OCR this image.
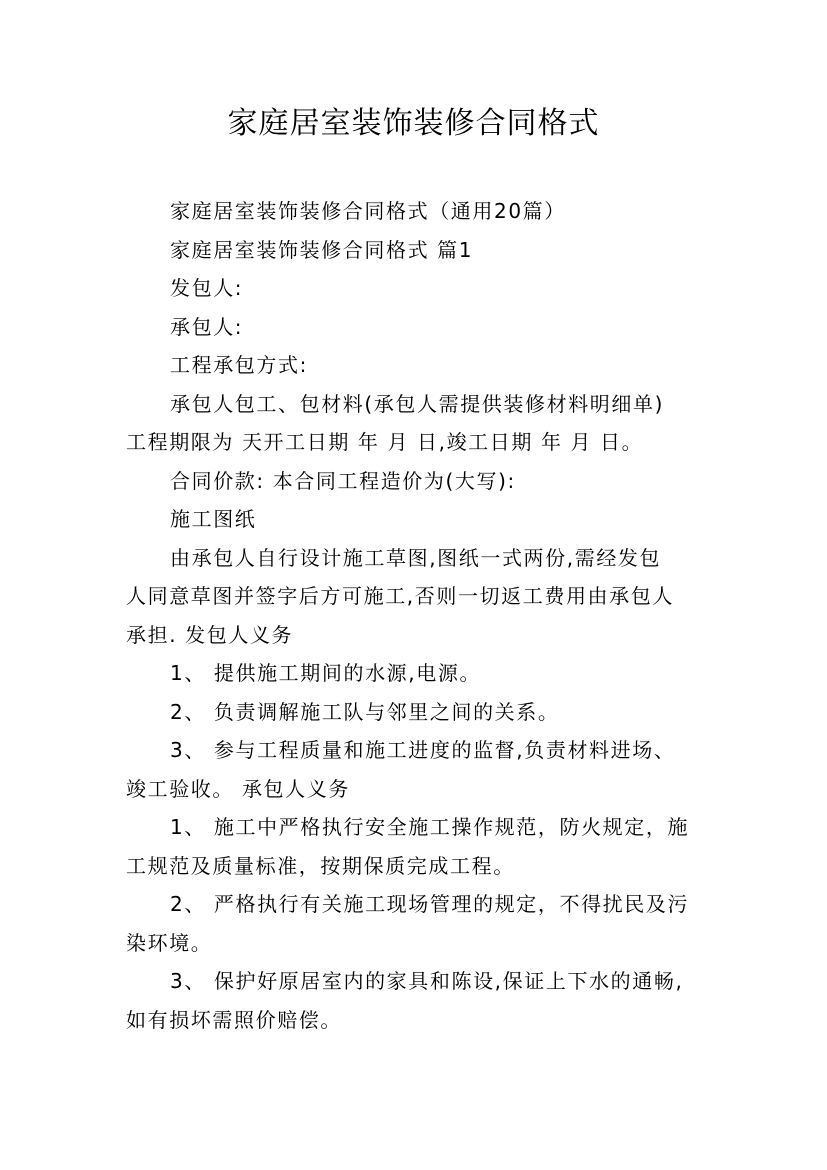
家庭居室装饰装修合同格式
家庭居室装饰装修合同格式（通用20篇）
家庭居室装饰装修合同格式 篇1
发包人:
承包人:
工程承包方式:
承包人包工、包材料(承包人需提供装修材料明细单)
工程期限为 天开工日期 年 月 日,竣工日期 年 月 日。
合同价款: 本合同工程造价为(大写):
施工图纸
由承包人自行设计施工草图,图纸一式两份,需经发包
人同意草图并签字后方可施工,否则一切返工费用由承包人
承担. 发包人义务
1、 提供施工期间的水源,电源。
2、 负责调解施工队与邻里之间的关系。
3、 参与工程质量和施工进度的监督,负责材料进场、
竣工验收。 承包人义务
1、 施工中严格执行安全施工操作规范，防火规定，施
工规范及质量标准，按期保质完成工程。
2、 严格执行有关施工现场管理的规定，不得扰民及污
染环境。
3、 保护好原居室内的家具和陈设,保证上下水的通畅,
如有损坏需照价赔偿。
